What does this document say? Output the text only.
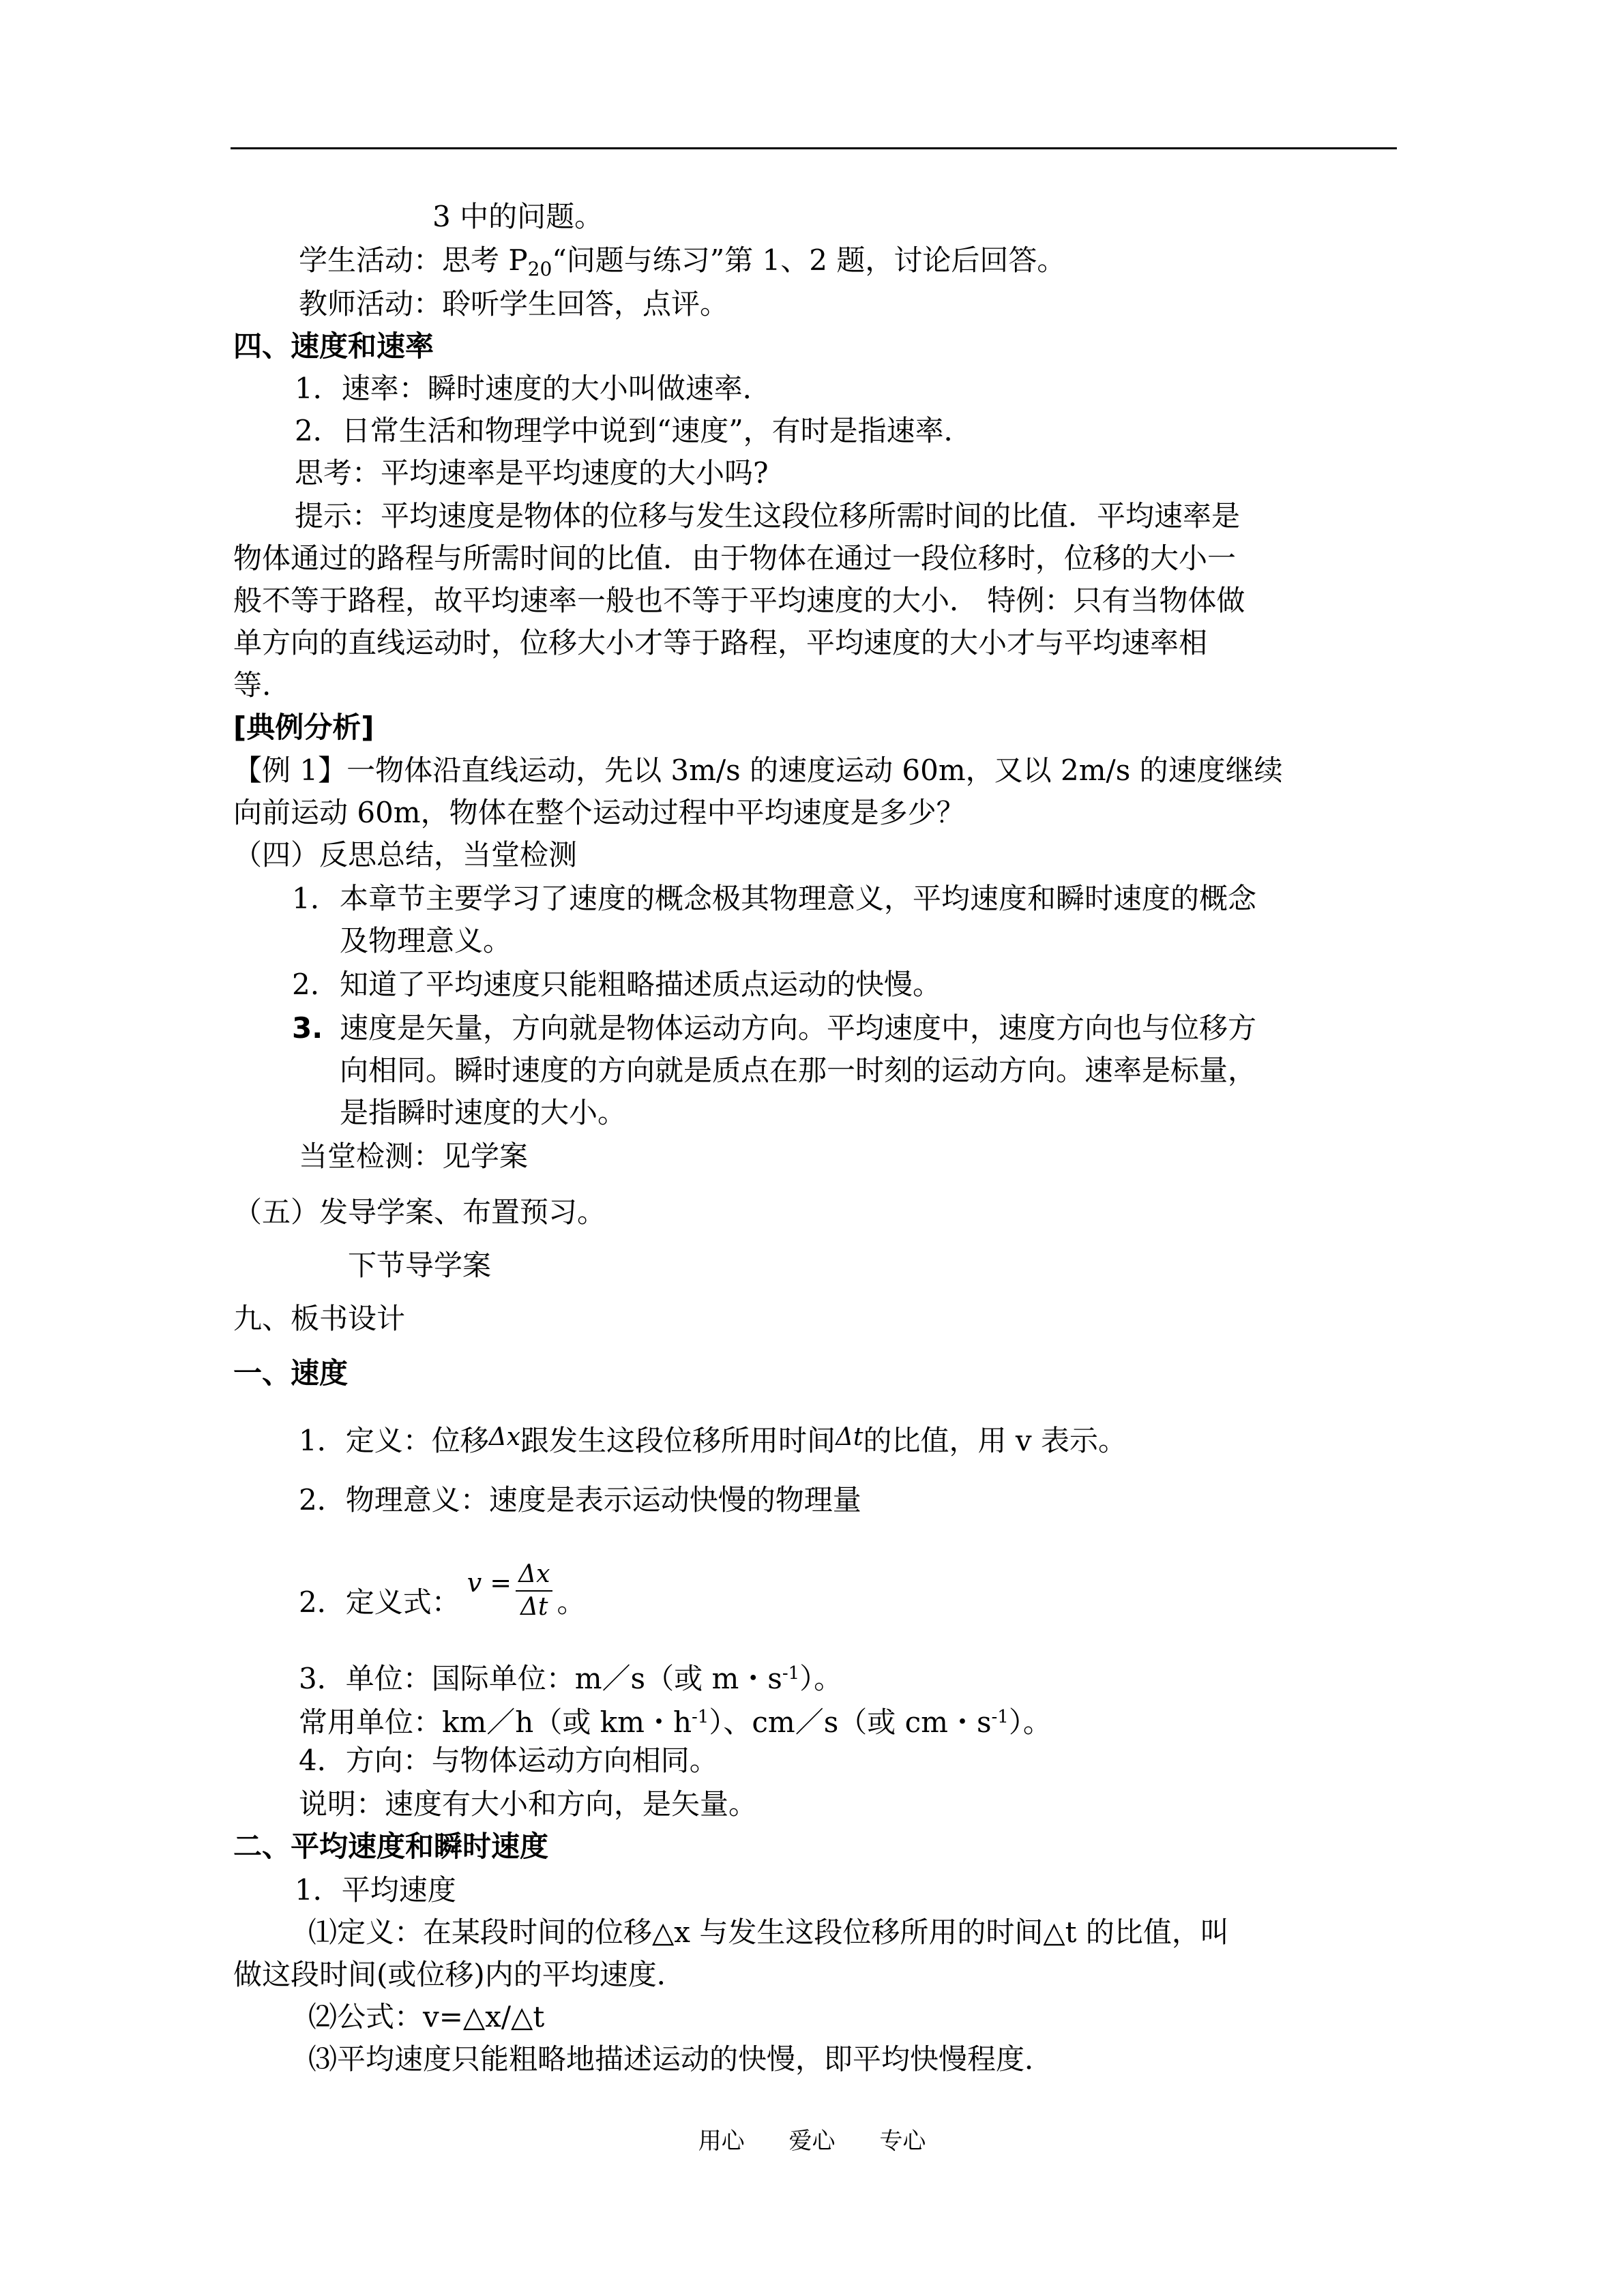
3 中的问题。
学生活动：思考 P20“问题与练习”第 1、2 题，讨论后回答。
教师活动：聆听学生回答，点评。
四、速度和速率
1．速率：瞬时速度的大小叫做速率．
2．日常生活和物理学中说到“速度”，有时是指速率．
思考：平均速率是平均速度的大小吗?
提示：平均速度是物体的位移与发生这段位移所需时间的比值．平均速率是
物体通过的路程与所需时间的比值．由于物体在通过一段位移时，位移的大小一
般不等于路程，故平均速率一般也不等于平均速度的大小． 特例：只有当物体做
单方向的直线运动时，位移大小才等于路程，平均速度的大小才与平均速率相
等.
[典例分析]
【例 1】一物体沿直线运动，先以 3m/s 的速度运动 60m，又以 2m/s 的速度继续
向前运动 60m，物体在整个运动过程中平均速度是多少？
（四）反思总结，当堂检测
1. 本章节主要学习了速度的概念极其物理意义，平均速度和瞬时速度的概念
及物理意义。
2. 知道了平均速度只能粗略描述质点运动的快慢。
3. 速度是矢量，方向就是物体运动方向。平均速度中，速度方向也与位移方
向相同。瞬时速度的方向就是质点在那一时刻的运动方向。速率是标量，
是指瞬时速度的大小。
当堂检测：见学案
（五）发导学案、布置预习。
下节导学案
九、板书设计
一、速度
1．定义：位移Δx跟发生这段位移所用时间Δt的比值，用 v 表示。
2．物理意义：速度是表示运动快慢的物理量
2．定义式：$v = \frac{\Delta x}{\Delta t}$ 。
3．单位：国际单位：m／s（或 m・$s^{-1}$）。
常用单位：km／h（或 km・$h^{-1}$）、cm／s（或 cm・$s^{-1}$）。
4．方向：与物体运动方向相同。
说明：速度有大小和方向，是矢量。
二、平均速度和瞬时速度
1．平均速度
⑴定义：在某段时间的位移△x 与发生这段位移所用的时间△t 的比值，叫
做这段时间(或位移)内的平均速度．
⑵公式：v=△x/△t
⑶平均速度只能粗略地描述运动的快慢，即平均快慢程度．
用心 爱心 专心
